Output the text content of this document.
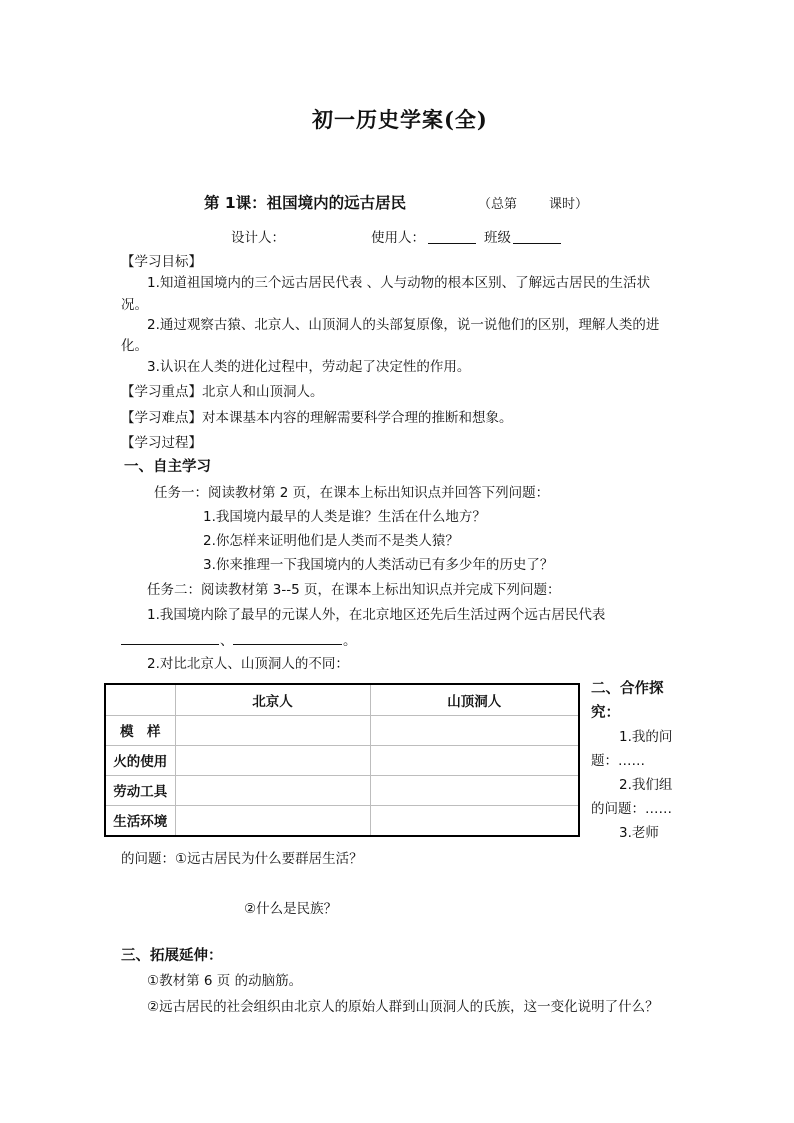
初一历史学案(全)
第 1课：祖国境内的远古居民	（总第 课时）
设计人：	使用人：	班级
【学习目标】
1.知道祖国境内的三个远古居民代表 、人与动物的根本区别、了解远古居民的生活状
况。
2.通过观察古猿、北京人、山顶洞人的头部复原像，说一说他们的区别，理解人类的进
化。
3.认识在人类的进化过程中，劳动起了决定性的作用。
【学习重点】北京人和山顶洞人。
【学习难点】对本课基本内容的理解需要科学合理的推断和想象。
【学习过程】
一、自主学习
任务一：阅读教材第 2 页，在课本上标出知识点并回答下列问题：
1.我国境内最早的人类是谁？生活在什么地方？
2.你怎样来证明他们是人类而不是类人猿？
3.你来推理一下我国境内的人类活动已有多少年的历史了？
任务二：阅读教材第 3--5 页，在课本上标出知识点并完成下列问题：
1.我国境内除了最早的元谋人外，在北京地区还先后生活过两个远古居民代表
、	。
2.对比北京人、山顶洞人的不同：
	北京人	山顶洞人
模　样		
火的使用		
劳动工具		
生活环境		
二、合作探
究：
1.我的问
题：……
2.我们组
的问题：……
3.老师
的问题：①远古居民为什么要群居生活？
②什么是民族？
三、拓展延伸：
①教材第 6 页 的动脑筋。
②远古居民的社会组织由北京人的原始人群到山顶洞人的氏族，这一变化说明了什么？
